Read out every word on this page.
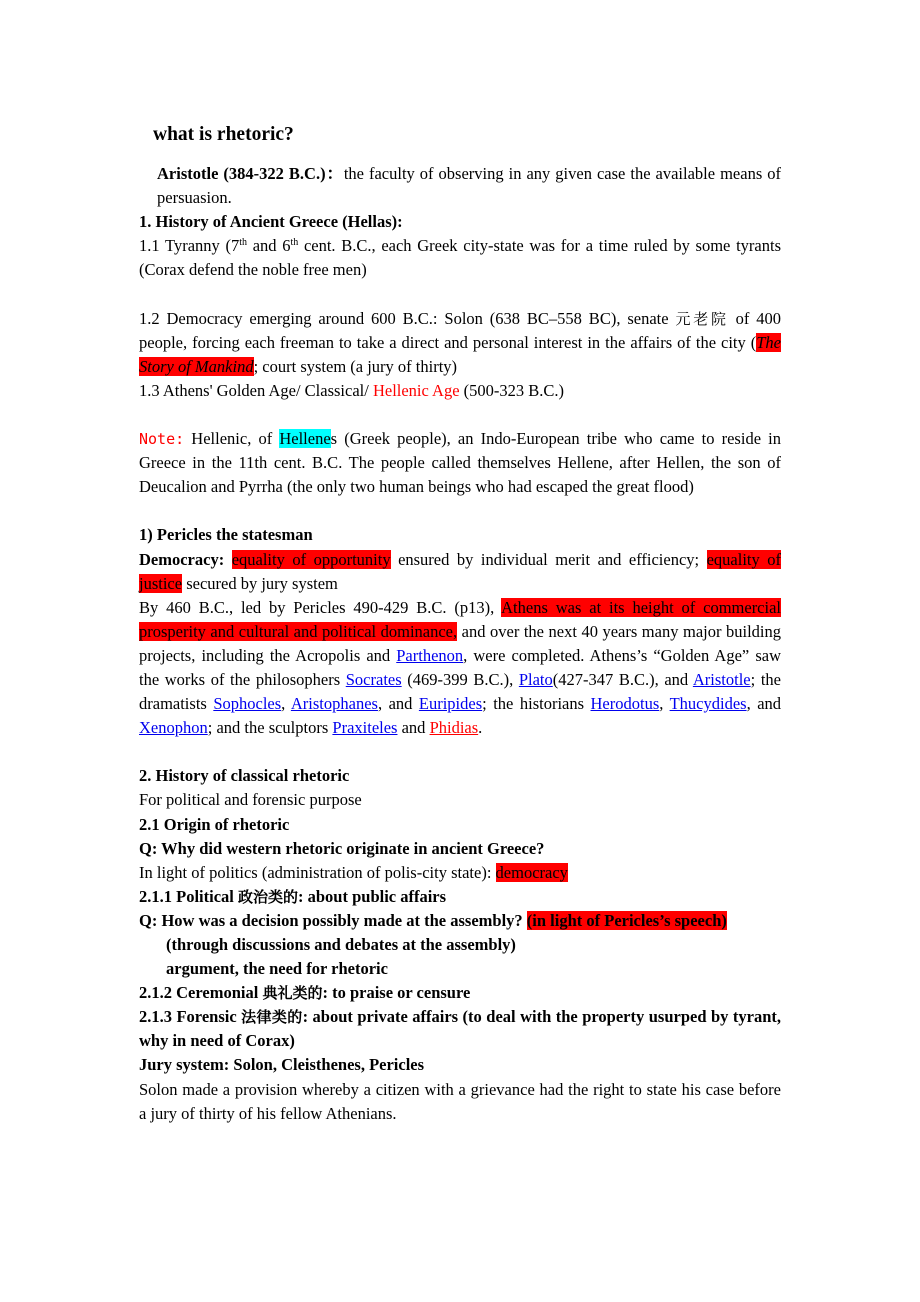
what is rhetoric?

Aristotle (384-322 B.C.)：the faculty of observing in any given case the available means of persuasion.

1. History of Ancient Greece (Hellas):

1.1 Tyranny (7th and 6th cent. B.C., each Greek city-state was for a time ruled by some tyrants (Corax defend the noble free men)

1.2 Democracy emerging around 600 B.C.: Solon (638 BC–558 BC), senate 元老院 of 400 people, forcing each freeman to take a direct and personal interest in the affairs of the city (The Story of Mankind; court system (a jury of thirty)

1.3 Athens' Golden Age/ Classical/ Hellenic Age (500-323 B.C.)

Note: Hellenic, of Hellenes (Greek people), an Indo-European tribe who came to reside in Greece in the 11th cent. B.C. The people called themselves Hellene, after Hellen, the son of Deucalion and Pyrrha (the only two human beings who had escaped the great flood)

1) Pericles the statesman

Democracy: equality of opportunity ensured by individual merit and efficiency; equality of justice secured by jury system

By 460 B.C., led by Pericles 490-429 B.C. (p13), Athens was at its height of commercial prosperity and cultural and political dominance, and over the next 40 years many major building projects, including the Acropolis and Parthenon, were completed. Athens’s “Golden Age” saw the works of the philosophers Socrates (469-399 B.C.), Plato(427-347 B.C.), and Aristotle; the dramatists Sophocles, Aristophanes, and Euripides; the historians Herodotus, Thucydides, and Xenophon; and the sculptors Praxiteles and Phidias.

2. History of classical rhetoric

For political and forensic purpose

2.1 Origin of rhetoric

Q: Why did western rhetoric originate in ancient Greece?

In light of politics (administration of polis-city state): democracy

2.1.1 Political 政治类的: about public affairs

Q: How was a decision possibly made at the assembly? (in light of Pericles’s speech)

(through discussions and debates at the assembly)

argument, the need for rhetoric

2.1.2 Ceremonial 典礼类的: to praise or censure

2.1.3 Forensic 法律类的: about private affairs (to deal with the property usurped by tyrant, why in need of Corax)

Jury system: Solon, Cleisthenes, Pericles

Solon made a provision whereby a citizen with a grievance had the right to state his case before a jury of thirty of his fellow Athenians.
